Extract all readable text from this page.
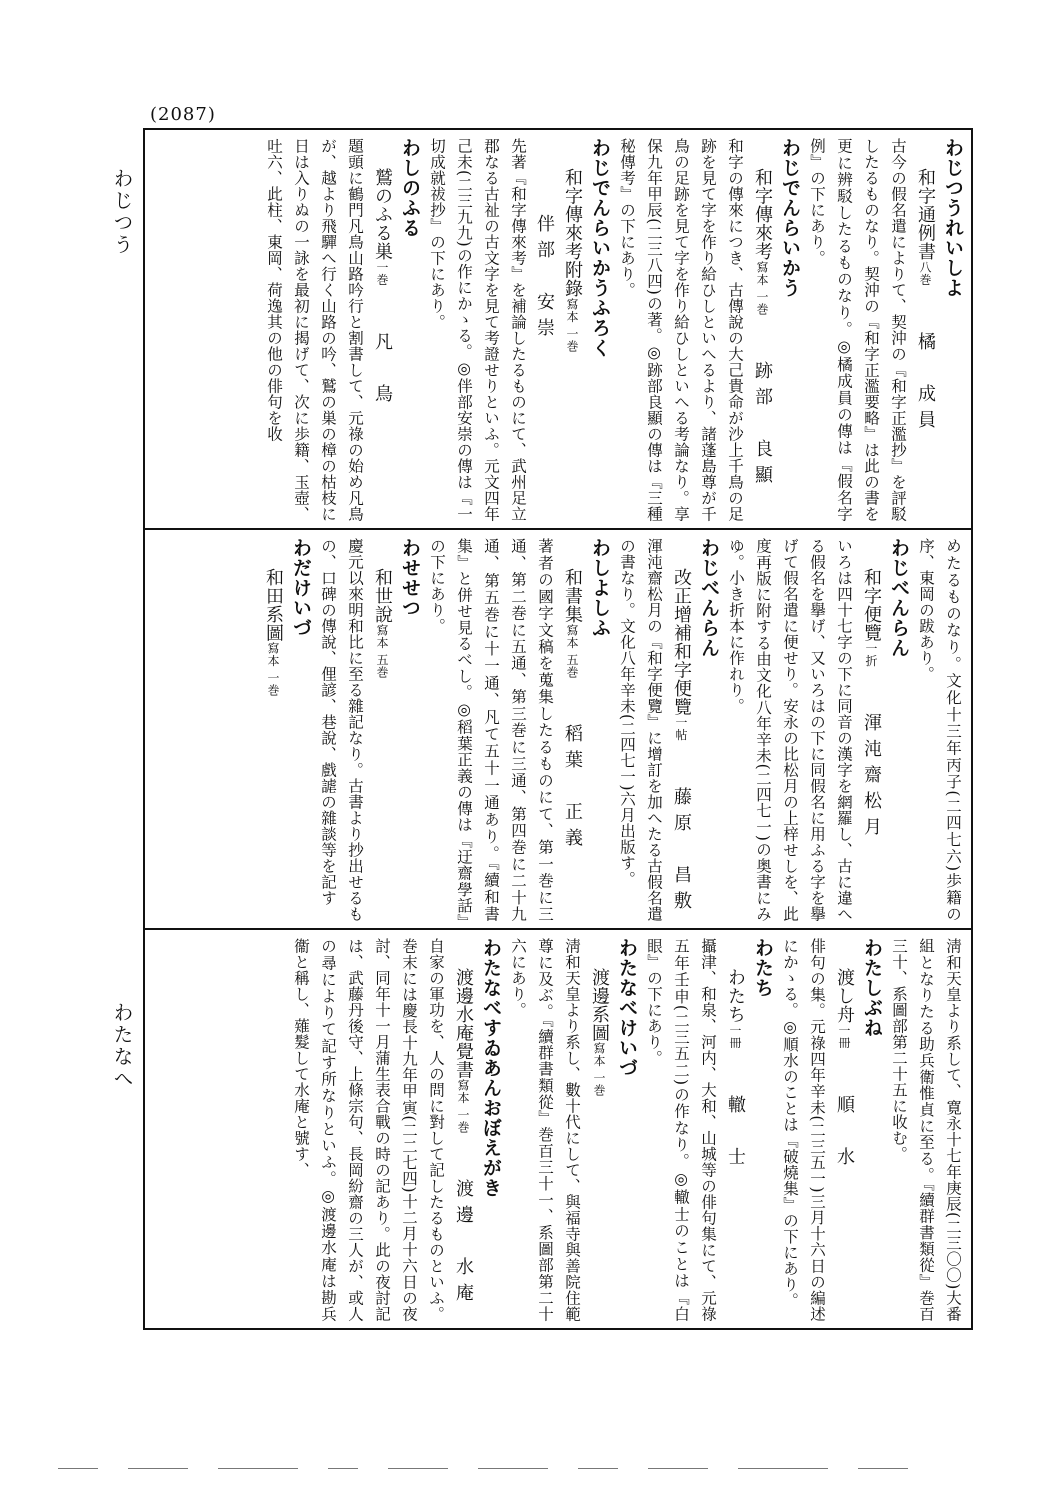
(2087)
わじつう
わたなへ
わじつうれいしよ
和字通例書八巻橘　成員
古今の假名遣によりて、契沖の『和字正濫抄』を評駁したるものなり。契沖の『和字正濫要略』は此の書を更に辨駁したるものなり。◎橘成員の傳は『假名字例』の下にあり。
わじでんらいかう
和字傳來考寫本 一巻跡部　良顯
和字の傳來につき、古傳說の大己貴命が沙上千鳥の足跡を見て字を作り給ひしといへるより、諸蓬島尊が千鳥の足跡を見て字を作り給ひしといへる考論なり。享保九年甲辰(二三八四)の著。◎跡部良顯の傳は『三種秘傳考』の下にあり。
わじでんらいかうふろく
和字傳來考附錄寫本 一巻伴部　安崇
先著『和字傳來考』を補論したるものにて、武州足立郡なる古祉の古文字を見て考證せりといふ。元文四年己未(二三九九)の作にかゝる。◎伴部安崇の傳は『一切成就祓抄』の下にあり。
わしのふる
鷲のふる巣一巻凡　鳥
題頭に鶴門凡鳥山路吟行と割書して、元祿の始め凡鳥が、越より飛驒へ行く山路の吟、鷲の巣の樟の枯枝に日は入りぬの一詠を最初に揭げて、次に歩籍、玉壺、吐六、此柱、東岡、荷逸其の他の俳句を收
めたるものなり。文化十三年丙子(二四七六)歩籍の序、東岡の跋あり。
わじべんらん
和字便覽一折渾沌齋松月
いろは四十七字の下に同音の漢字を網羅し、古に違へる假名を擧げ、又いろはの下に同假名に用ふる字を擧げて假名遣に便せり。安永の比松月の上梓せしを、此度再版に附する由文化八年辛未(二四七一)の奥書にみゆ。小き折本に作れり。
わじべんらん
改正增補和字便覽一帖藤原　昌敷
渾沌齋松月の『和字便覽』に增訂を加へたる古假名遣の書なり。文化八年辛未(二四七一)六月出版す。
わしよしふ
和書集寫本 五巻稻葉　正義
著者の國字文稿を蒐集したるものにて、第一巻に三通、第二巻に五通、第三巻に三通、第四巻に二十九通、第五巻に十一通、凡て五十一通あり。『續和書集』と併せ見るべし。◎稻葉正義の傳は『迂齋學話』の下にあり。
わせせつ
和世說寫本 五巻
慶元以來明和比に至る雜記なり。古書より抄出せるもの、口碑の傳說、俚諺、巷說、戲謔の雜談等を記す
わだけいづ
和田系圖寫本 一巻
淸和天皇より系して、寛永十七年庚辰(二三〇〇)大番組となりたる助兵衛惟貞に至る。『續群書類從』巻百三十、系圖部第二十五に收む。
わたしぶね
渡し舟一冊順　水
俳句の集。元祿四年辛未(二三五一)三月十六日の編述にかゝる。◎順水のことは『破燒集』の下にあり。
わたち
わたち一冊轍　士
攝津、和泉、河内、大和、山城等の俳句集にて、元祿五年壬申(二三五二)の作なり。◎轍士のことは『白眼』の下にあり。
わたなべけいづ
渡邊系圖寫本 一巻
淸和天皇より系し、數十代にして、與福寺與善院住範尊に及ぶ。『續群書類從』巻百三十一、系圖部第二十六にあり。
わたなべすゐあんおぼえがき
渡邊水庵覺書寫本 一巻渡邊　水庵
自家の軍功を、人の問に對して記したるものといふ。巻末には慶長十九年甲寅(二二七四)十二月十六日の夜討、同年十一月蒲生表合戰の時の記あり。此の夜討記は、武藤丹後守、上條宗句、長岡紛齋の三人が、或人の尋によりて記す所なりといふ。◎渡邊水庵は勘兵衞と稱し、薙髮して水庵と號す、
